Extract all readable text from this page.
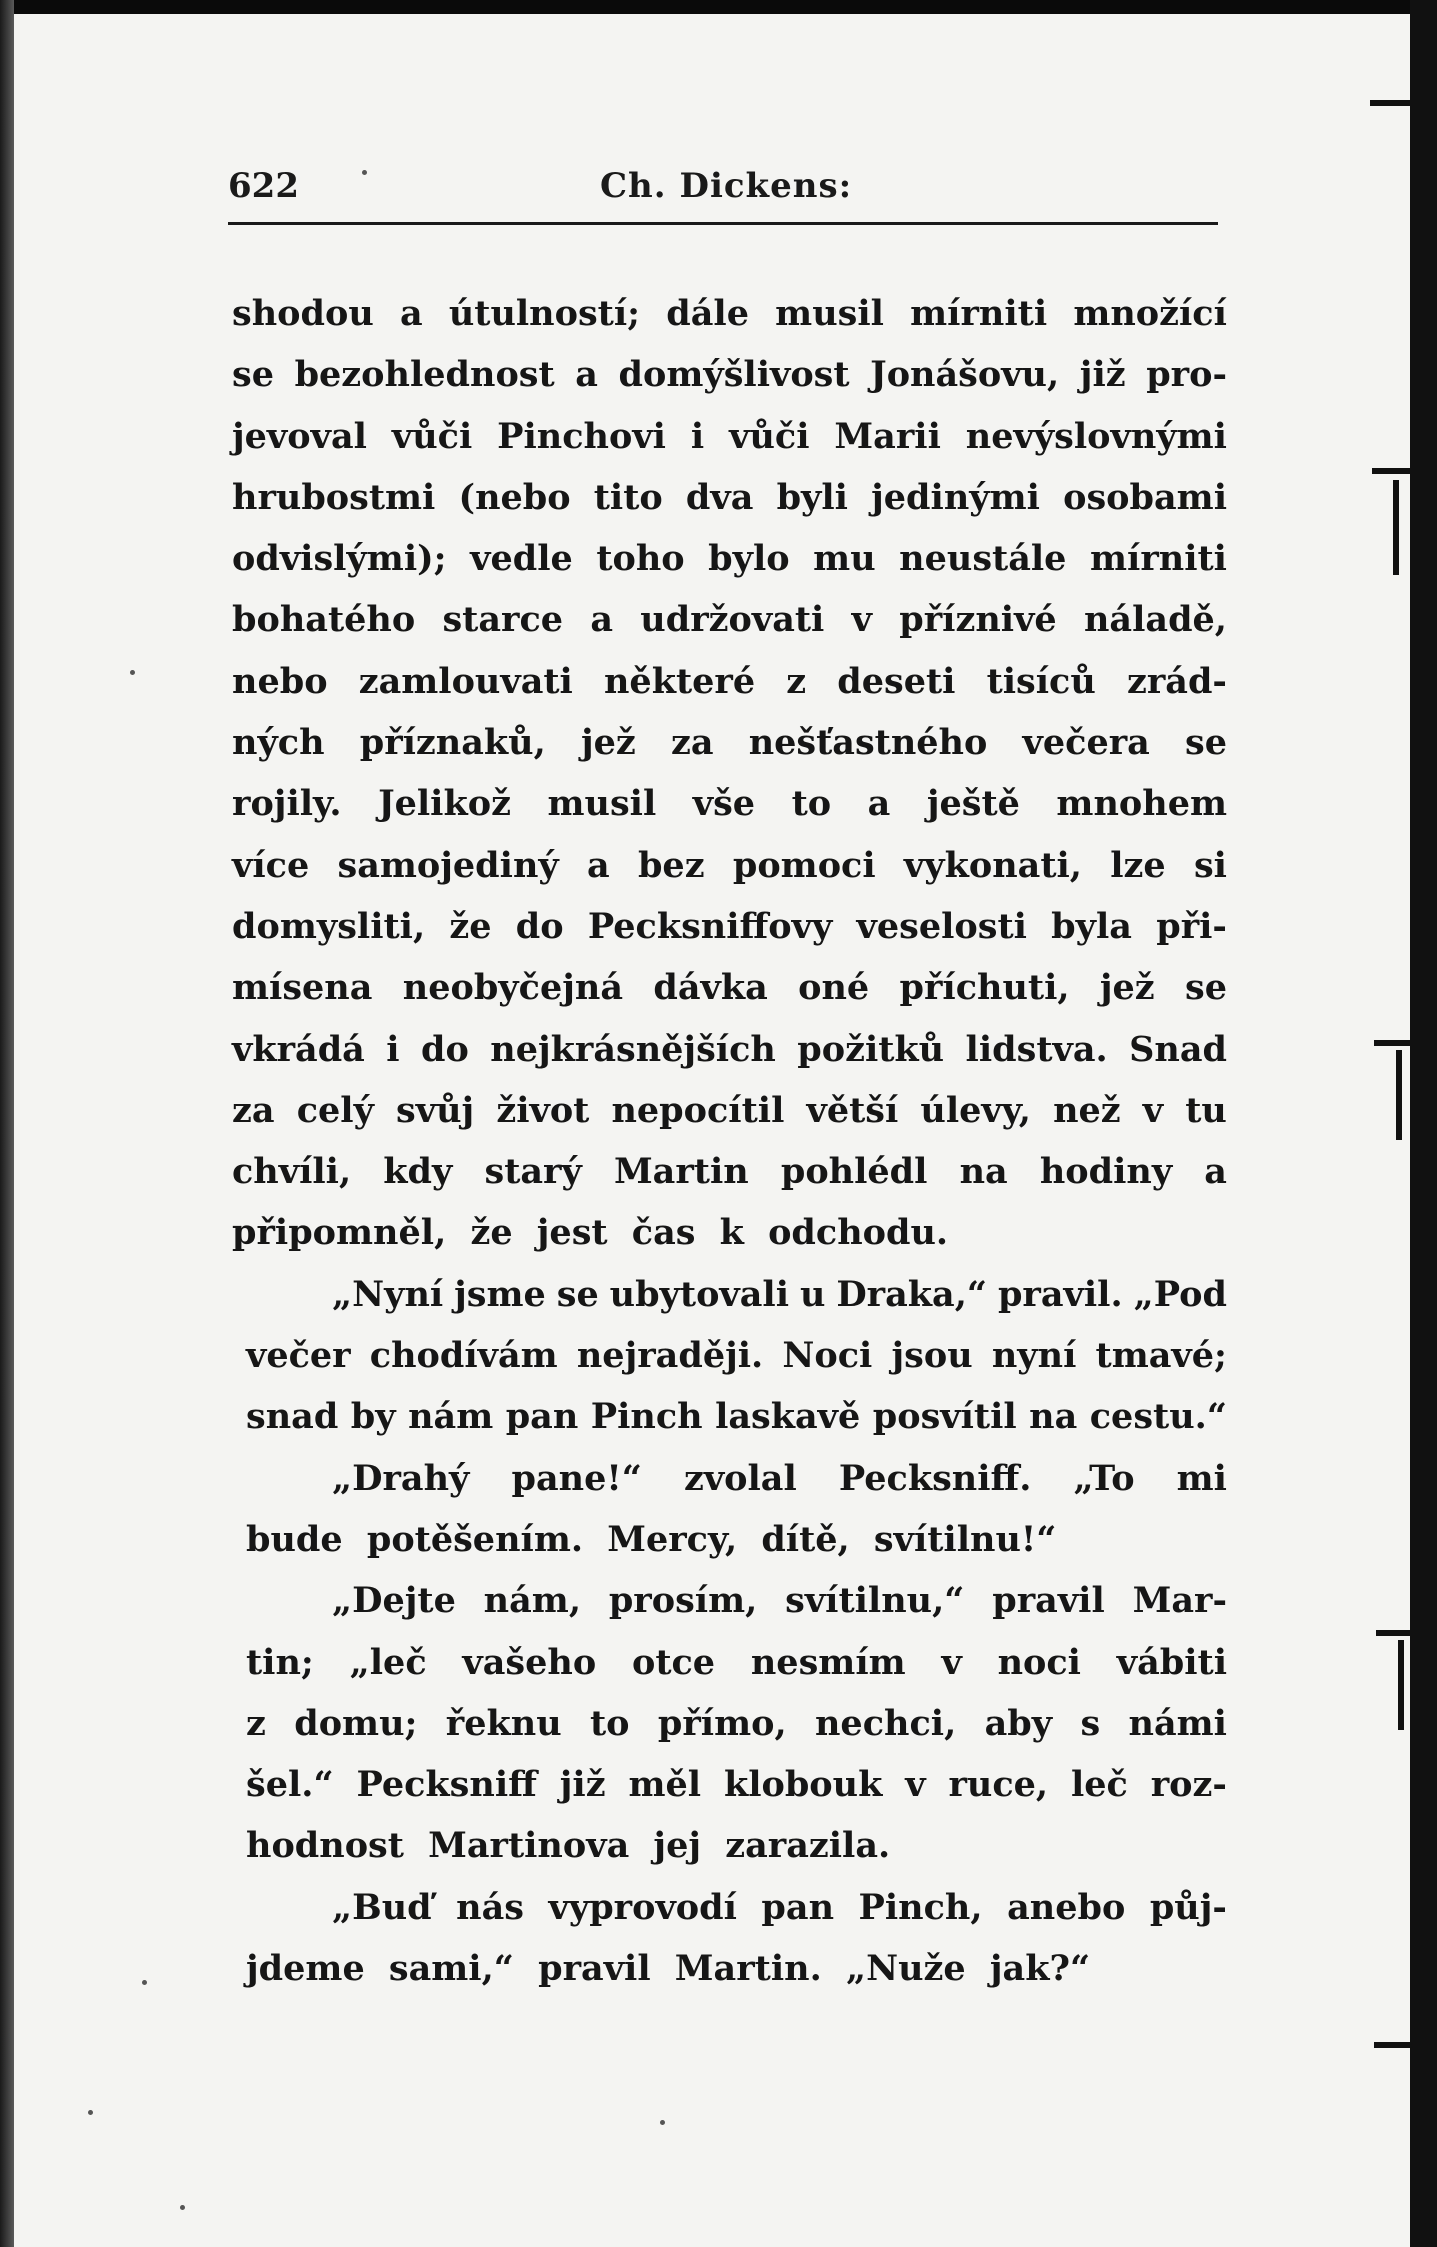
622	Ch. Dickens:
shodou a útulností; dále musil mírniti množící
se bezohlednost a domýšlivost Jonášovu, již pro-
jevoval vůči Pinchovi i vůči Marii nevýslovnými
hrubostmi (nebo tito dva byli jedinými osobami
odvislými); vedle toho bylo mu neustále mírniti
bohatého starce a udržovati v příznivé náladě,
nebo zamlouvati některé z deseti tisíců zrád-
ných příznaků, jež za nešťastného večera se
rojily. Jelikož musil vše to a ještě mnohem
více samojediný a bez pomoci vykonati, lze si
domysliti, že do Pecksniffovy veselosti byla při-
mísena neobyčejná dávka oné příchuti, jež se
vkrádá i do nejkrásnějších požitků lidstva. Snad
za celý svůj život nepocítil větší úlevy, než v tu
chvíli, kdy starý Martin pohlédl na hodiny a
připomněl, že jest čas k odchodu.
„Nyní jsme se ubytovali u Draka,“ pravil. „Pod
večer chodívám nejraději. Noci jsou nyní tmavé;
snad by nám pan Pinch laskavě posvítil na cestu.“
„Drahý pane!“ zvolal Pecksniff. „To mi
bude potěšením. Mercy, dítě, svítilnu!“
„Dejte nám, prosím, svítilnu,“ pravil Mar-
tin; „leč vašeho otce nesmím v noci vábiti
z domu; řeknu to přímo, nechci, aby s námi
šel.“ Pecksniff již měl klobouk v ruce, leč roz-
hodnost Martinova jej zarazila.
„Buď nás vyprovodí pan Pinch, anebo půj-
jdeme sami,“ pravil Martin. „Nuže jak?“
